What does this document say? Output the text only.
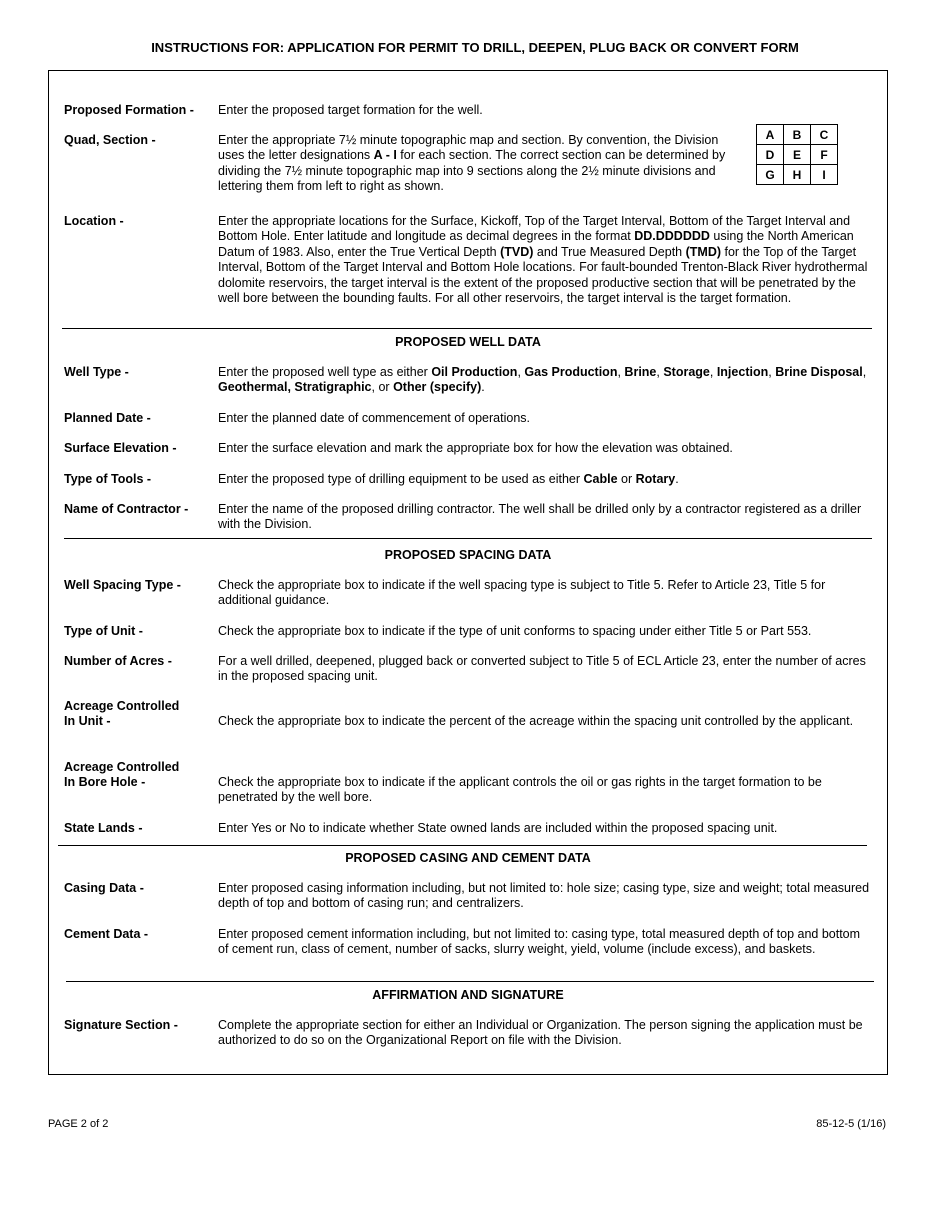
INSTRUCTIONS FOR: APPLICATION FOR PERMIT TO DRILL, DEEPEN, PLUG BACK OR CONVERT FORM
Proposed Formation -	Enter the proposed target formation for the well.
Quad, Section -	Enter the appropriate 7½ minute topographic map and section. By convention, the Division uses the letter designations A - I for each section. The correct section can be determined by dividing the 7½ minute topographic map into 9 sections along the 2½ minute divisions and lettering them from left to right as shown.
A	B	C
D	E	F
G	H	I
Location -	Enter the appropriate locations for the Surface, Kickoff, Top of the Target Interval, Bottom of the Target Interval and Bottom Hole. Enter latitude and longitude as decimal degrees in the format DD.DDDDDD using the North American Datum of 1983. Also, enter the True Vertical Depth (TVD) and True Measured Depth (TMD) for the Top of the Target Interval, Bottom of the Target Interval and Bottom Hole locations. For fault-bounded Trenton-Black River hydrothermal dolomite reservoirs, the target interval is the extent of the proposed productive section that will be penetrated by the well bore between the bounding faults. For all other reservoirs, the target interval is the target formation.
PROPOSED WELL DATA
Well Type -	Enter the proposed well type as either Oil Production, Gas Production, Brine, Storage, Injection, Brine Disposal, Geothermal, Stratigraphic, or Other (specify).
Planned Date -	Enter the planned date of commencement of operations.
Surface Elevation -	Enter the surface elevation and mark the appropriate box for how the elevation was obtained.
Type of Tools -	Enter the proposed type of drilling equipment to be used as either Cable or Rotary.
Name of Contractor -	Enter the name of the proposed drilling contractor. The well shall be drilled only by a contractor registered as a driller with the Division.
PROPOSED SPACING DATA
Well Spacing Type -	Check the appropriate box to indicate if the well spacing type is subject to Title 5. Refer to Article 23, Title 5 for additional guidance.
Type of Unit -	Check the appropriate box to indicate if the type of unit conforms to spacing under either Title 5 or Part 553.
Number of Acres -	For a well drilled, deepened, plugged back or converted subject to Title 5 of ECL Article 23, enter the number of acres in the proposed spacing unit.
Acreage Controlled
In Unit -	Check the appropriate box to indicate the percent of the acreage within the spacing unit controlled by the applicant.
Acreage Controlled
In Bore Hole -	Check the appropriate box to indicate if the applicant controls the oil or gas rights in the target formation to be penetrated by the well bore.
State Lands -	Enter Yes or No to indicate whether State owned lands are included within the proposed spacing unit.
PROPOSED CASING AND CEMENT DATA
Casing Data -	Enter proposed casing information including, but not limited to: hole size; casing type, size and weight; total measured depth of top and bottom of casing run; and centralizers.
Cement Data -	Enter proposed cement information including, but not limited to: casing type, total measured depth of top and bottom of cement run, class of cement, number of sacks, slurry weight, yield, volume (include excess), and baskets.
AFFIRMATION AND SIGNATURE
Signature Section -	Complete the appropriate section for either an Individual or Organization. The person signing the application must be authorized to do so on the Organizational Report on file with the Division.
PAGE 2 of 2	85-12-5 (1/16)
